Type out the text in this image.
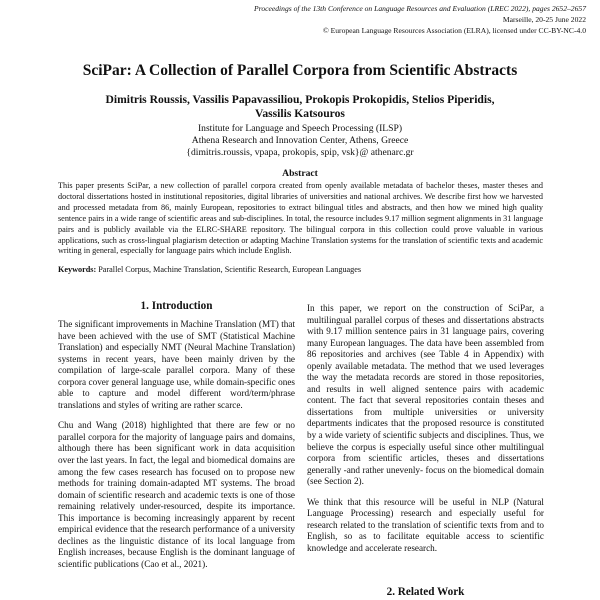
Proceedings of the 13th Conference on Language Resources and Evaluation (LREC 2022), pages 2652–2657
Marseille, 20-25 June 2022
© European Language Resources Association (ELRA), licensed under CC-BY-NC-4.0
SciPar: A Collection of Parallel Corpora from Scientific Abstracts
Dimitris Roussis, Vassilis Papavassiliou, Prokopis Prokopidis, Stelios Piperidis,
Vassilis Katsouros
Institute for Language and Speech Processing (ILSP)
Athena Research and Innovation Center, Athens, Greece
{dimitris.roussis, vpapa, prokopis, spip, vsk}@ athenarc.gr
Abstract
This paper presents SciPar, a new collection of parallel corpora created from openly available metadata of bachelor theses, master theses and doctoral dissertations hosted in institutional repositories, digital libraries of universities and national archives. We describe first how we harvested and processed metadata from 86, mainly European, repositories to extract bilingual titles and abstracts, and then how we mined high quality sentence pairs in a wide range of scientific areas and sub-disciplines. In total, the resource includes 9.17 million segment alignments in 31 language pairs and is publicly available via the ELRC-SHARE repository. The bilingual corpora in this collection could prove valuable in various applications, such as cross-lingual plagiarism detection or adapting Machine Translation systems for the translation of scientific texts and academic writing in general, especially for language pairs which include English.
Keywords: Parallel Corpus, Machine Translation, Scientific Research, European Languages
1. Introduction

The significant improvements in Machine Translation (MT) that have been achieved with the use of SMT (Statistical Machine Translation) and especially NMT (Neural Machine Translation) systems in recent years, have been mainly driven by the compilation of large-scale parallel corpora. Many of these corpora cover general language use, while domain-specific ones able to capture and model different word/term/phrase translations and styles of writing are rather scarce.

Chu and Wang (2018) highlighted that there are few or no parallel corpora for the majority of language pairs and domains, although there has been significant work in data acquisition over the last years. In fact, the legal and biomedical domains are among the few cases research has focused on to propose new methods for training domain-adapted MT systems. The broad domain of scientific research and academic texts is one of those remaining relatively under-resourced, despite its importance. This importance is becoming increasingly apparent by recent empirical evidence that the research performance of a university declines as the linguistic distance of its local language from English increases, because English is the dominant language of scientific publications (Cao et al., 2021).

In this paper, we report on the construction of SciPar, a multilingual parallel corpus of theses and dissertations abstracts with 9.17 million sentence pairs in 31 language pairs, covering many European languages. The data have been assembled from 86 repositories and archives (see Table 4 in Appendix) with openly available metadata. The method that we used leverages the way the metadata records are stored in those repositories, and results in well aligned sentence pairs with academic content. The fact that several repositories contain theses and dissertations from multiple universities or university departments indicates that the proposed resource is constituted by a wide variety of scientific subjects and disciplines. Thus, we believe the corpus is especially useful since other multilingual corpora from scientific articles, theses and dissertations generally -and rather unevenly- focus on the biomedical domain (see Section 2).

We think that this resource will be useful in NLP (Natural Language Processing) research and especially useful for research related to the translation of scientific texts from and to English, so as to facilitate equitable access to scientific knowledge and accelerate research.

2. Related Work
